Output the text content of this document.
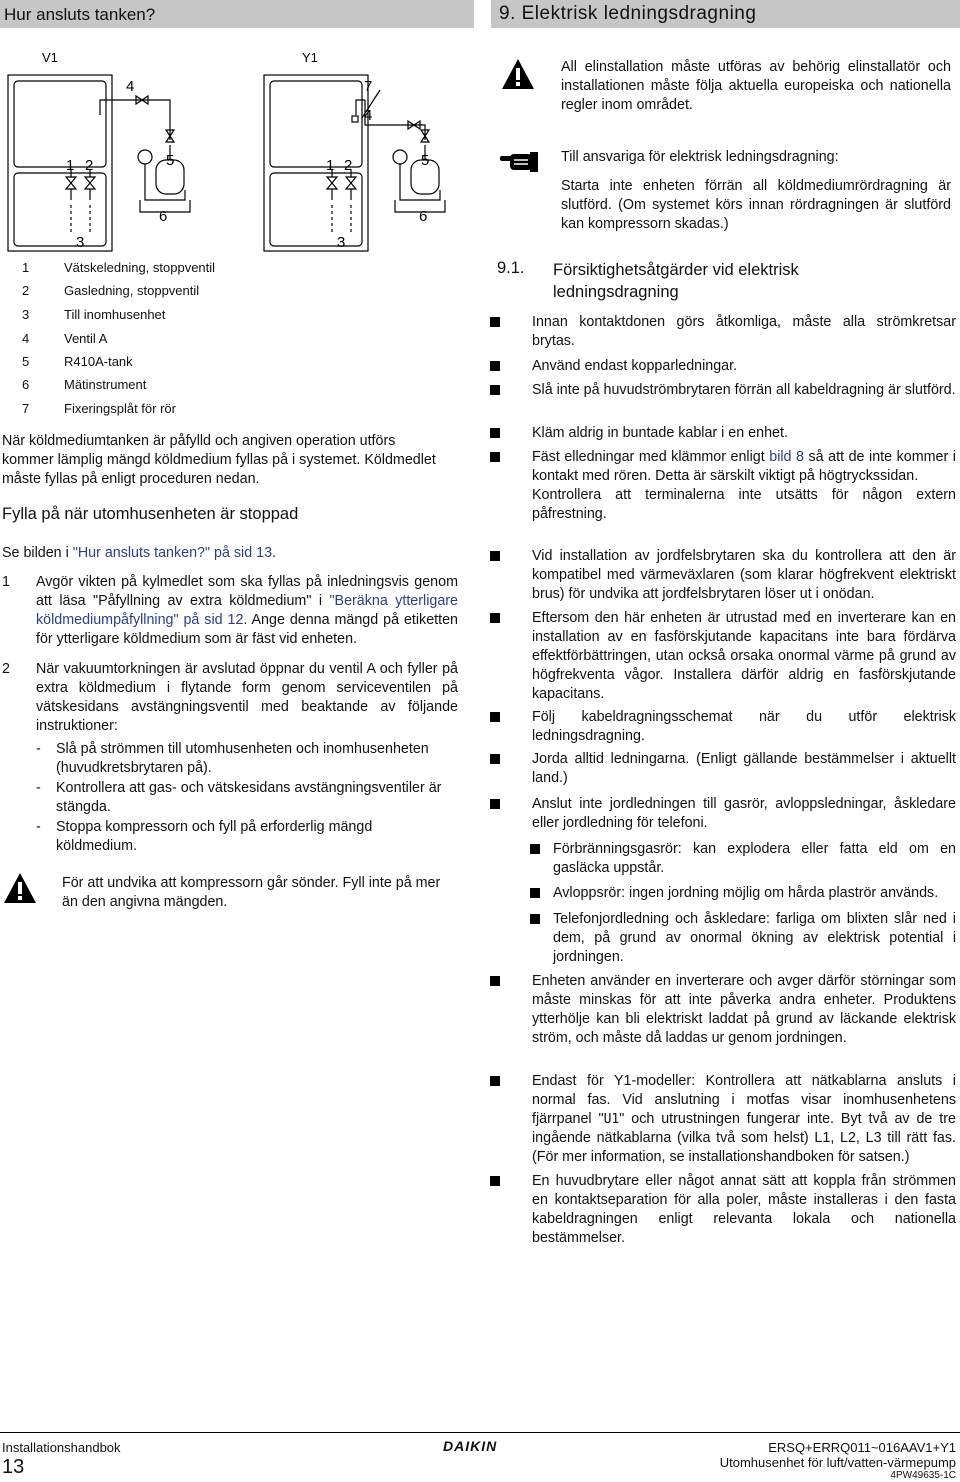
Hur ansluts tanken?	9. Elektrisk ledningsdragning
V1	Y1
4	7
4
5	5
1 2	1 2
6	6
3	3
1	Vätskeledning, stoppventil
2	Gasledning, stoppventil
3	Till inomhusenhet
4	Ventil A
5	R410A-tank
6	Mätinstrument
7	Fixeringsplåt för rör
När köldmediumtanken är påfylld och angiven operation utförs
kommer lämplig mängd köldmedium fyllas på i systemet. Köldmedlet
måste fyllas på enligt proceduren nedan.
Fylla på när utomhusenheten är stoppad
Se bilden i "Hur ansluts tanken?" på sid 13.
1 Avgör vikten på kylmedlet som ska fyllas på inledningsvis genom att läsa "Påfyllning av extra köldmedium" i "Beräkna ytterligare köldmediumpåfyllning" på sid 12. Ange denna mängd på etiketten för ytterligare köldmedium som är fäst vid enheten.
2 När vakuumtorkningen är avslutad öppnar du ventil A och fyller på extra köldmedium i flytande form genom serviceventilen på vätskesidans avstängningsventil med beaktande av följande instruktioner:
- Slå på strömmen till utomhusenheten och inomhusenheten (huvudkretsbrytaren på).
- Kontrollera att gas- och vätskesidans avstängningsventiler är stängda.
- Stoppa kompressorn och fyll på erforderlig mängd köldmedium.
För att undvika att kompressorn går sönder. Fyll inte på mer än den angivna mängden.
All elinstallation måste utföras av behörig elinstallatör och installationen måste följa aktuella europeiska och nationella regler inom området.
Till ansvariga för elektrisk ledningsdragning:
Starta inte enheten förrän all köldmediumrördragning är slutförd. (Om systemet körs innan rördragningen är slutförd kan kompressorn skadas.)
9.1. Försiktighetsåtgärder vid elektrisk
ledningsdragning
Innan kontaktdonen görs åtkomliga, måste alla strömkretsar brytas.
Använd endast kopparledningar.
Slå inte på huvudströmbrytaren förrän all kabeldragning är slutförd.
Kläm aldrig in buntade kablar i en enhet.
Fäst elledningar med klämmor enligt bild 8 så att de inte kommer i kontakt med rören. Detta är särskilt viktigt på högtryckssidan.
Kontrollera att terminalerna inte utsätts för någon extern påfrestning.
Vid installation av jordfelsbrytaren ska du kontrollera att den är kompatibel med värmeväxlaren (som klarar högfrekvent elektriskt brus) för undvika att jordfelsbrytaren löser ut i onödan.
Eftersom den här enheten är utrustad med en inverterare kan en installation av en fasförskjutande kapacitans inte bara fördärva effektförbättringen, utan också orsaka onormal värme på grund av högfrekventa vågor. Installera därför aldrig en fasförskjutande kapacitans.
Följ kabeldragningsschemat när du utför elektrisk ledningsdragning.
Jorda alltid ledningarna. (Enligt gällande bestämmelser i aktuellt land.)
Anslut inte jordledningen till gasrör, avloppsledningar, åskledare eller jordledning för telefoni.
Förbränningsgasrör: kan explodera eller fatta eld om en gasläcka uppstår.
Avloppsrör: ingen jordning möjlig om hårda plaströr används.
Telefonjordledning och åskledare: farliga om blixten slår ned i dem, på grund av onormal ökning av elektrisk potential i jordningen.
Enheten använder en inverterare och avger därför störningar som måste minskas för att inte påverka andra enheter. Produktens ytterhölje kan bli elektriskt laddat på grund av läckande elektrisk ström, och måste då laddas ur genom jordningen.
Endast för Y1-modeller: Kontrollera att nätkablarna ansluts i normal fas. Vid anslutning i motfas visar inomhusenhetens fjärrpanel "U1" och utrustningen fungerar inte. Byt två av de tre ingående nätkablarna (vilka två som helst) L1, L2, L3 till rätt fas. (För mer information, se installationshandboken för satsen.)
En huvudbrytare eller något annat sätt att koppla från strömmen en kontaktseparation för alla poler, måste installeras i den fasta kabeldragningen enligt relevanta lokala och nationella bestämmelser.
Installationshandbok
13
DAIKIN	ERSQ+ERRQ011~016AAV1+Y1
Utomhusenhet för luft/vatten-värmepump
4PW49635-1C
